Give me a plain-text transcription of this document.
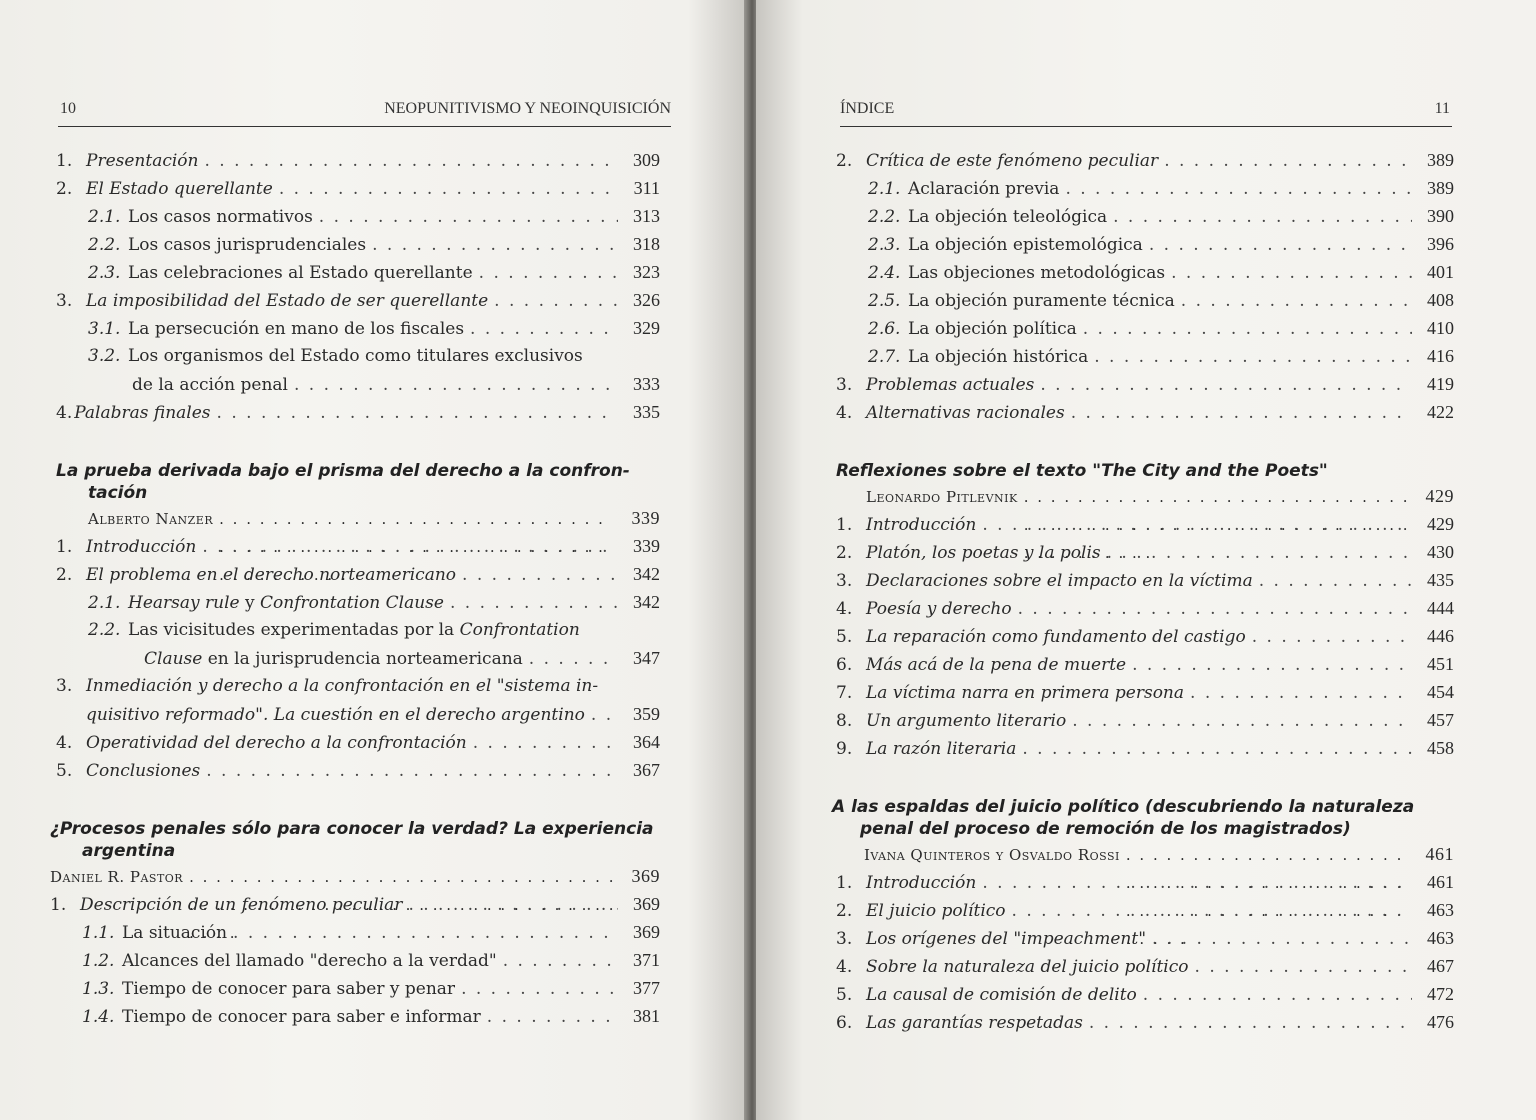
10	NEOPUNITIVISMO Y NEOINQUISICIÓN
1. Presentación . . .	309
2. El Estado querellante . . .	311
2.1. Los casos normativos . . .	313
2.2. Los casos jurisprudenciales . . .	318
2.3. Las celebraciones al Estado querellante . . .	323
3. La imposibilidad del Estado de ser querellante . . .	326
3.1. La persecución en mano de los fiscales . . .	329
3.2. Los organismos del Estado como titulares exclusivos
de la acción penal . . .	333
4. Palabras finales . . .	335
La prueba derivada bajo el prisma del derecho a la confron-
tación
Alberto Nanzer . . .	339
1. Introducción . . .	339
2. El problema en el derecho norteamericano . . .	342
2.1. Hearsay rule y Confrontation Clause . . .	342
2.2. Las vicisitudes experimentadas por la Confrontation
Clause en la jurisprudencia norteamericana . . .	347
3. Inmediación y derecho a la confrontación en el "sistema in-
quisitivo reformado". La cuestión en el derecho argentino . . .	359
4. Operatividad del derecho a la confrontación . . .	364
5. Conclusiones . . .	367
¿Procesos penales sólo para conocer la verdad? La experiencia
argentina
Daniel R. Pastor . . .	369
1. Descripción de un fenómeno peculiar . . .	369
1.1. La situación . . .	369
1.2. Alcances del llamado "derecho a la verdad" . . .	371
1.3. Tiempo de conocer para saber y penar . . .	377
1.4. Tiempo de conocer para saber e informar . . .	381
ÍNDICE	11
2. Crítica de este fenómeno peculiar . . .	389
2.1. Aclaración previa . . .	389
2.2. La objeción teleológica . . .	390
2.3. La objeción epistemológica . . .	396
2.4. Las objeciones metodológicas . . .	401
2.5. La objeción puramente técnica . . .	408
2.6. La objeción política . . .	410
2.7. La objeción histórica . . .	416
3. Problemas actuales . . .	419
4. Alternativas racionales . . .	422
Reflexiones sobre el texto "The City and the Poets"
Leonardo Pitlevnik . . .	429
1. Introducción . . .	429
2. Platón, los poetas y la polis . . .	430
3. Declaraciones sobre el impacto en la víctima . . .	435
4. Poesía y derecho . . .	444
5. La reparación como fundamento del castigo . . .	446
6. Más acá de la pena de muerte . . .	451
7. La víctima narra en primera persona . . .	454
8. Un argumento literario . . .	457
9. La razón literaria . . .	458
A las espaldas del juicio político (descubriendo la naturaleza
penal del proceso de remoción de los magistrados)
Ivana Quinteros y Osvaldo Rossi . . .	461
1. Introducción . . .	461
2. El juicio político . . .	463
3. Los orígenes del "impeachment" . . .	463
4. Sobre la naturaleza del juicio político . . .	467
5. La causal de comisión de delito . . .	472
6. Las garantías respetadas . . .	476
